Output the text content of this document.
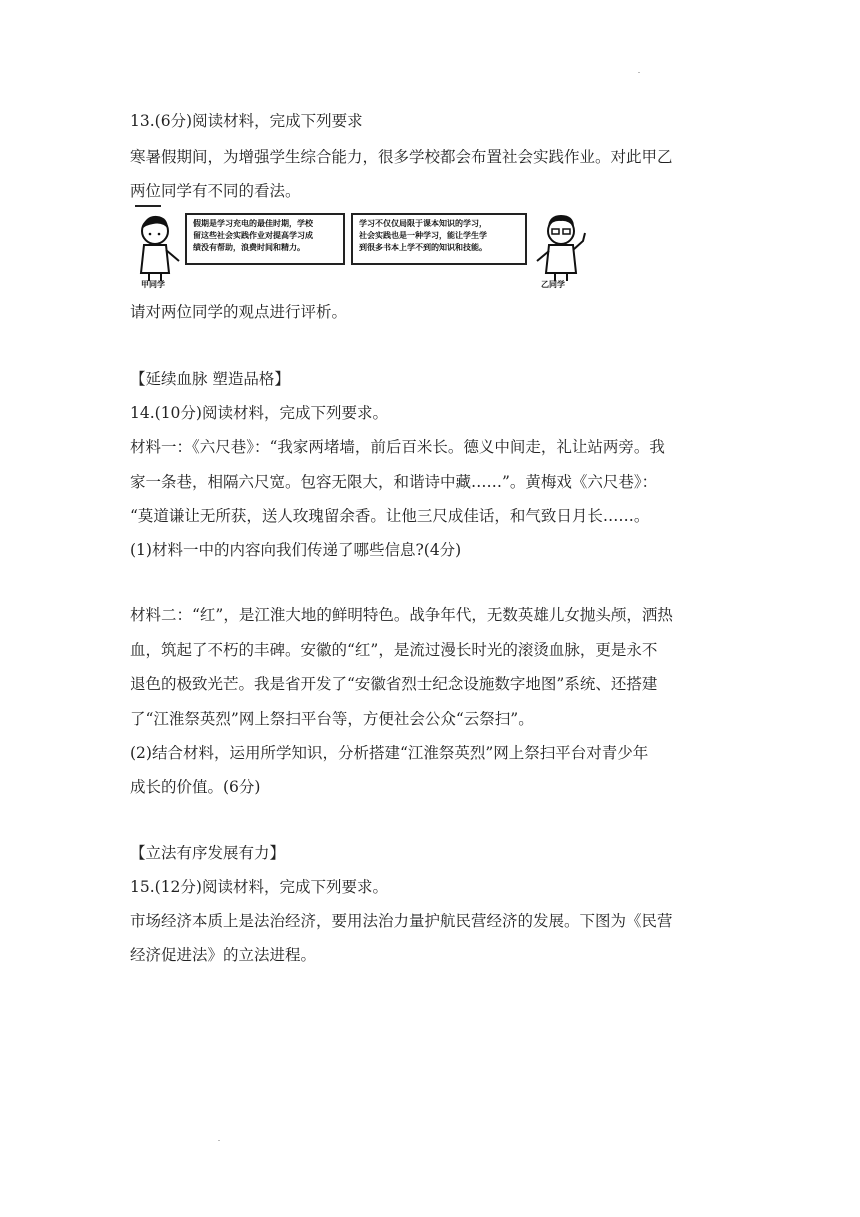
13.(6分)阅读材料，完成下列要求
寒暑假期间，为增强学生综合能力，很多学校都会布置社会实践作业。对此甲乙
两位同学有不同的看法。
甲同学
假期是学习充电的最佳时期，学校
留这些社会实践作业对提高学习成
绩没有帮助，浪费时间和精力。
学习不仅仅局限于课本知识的学习，
社会实践也是一种学习，能让学生学
到很多书本上学不到的知识和技能。
乙同学
请对两位同学的观点进行评析。
【延续血脉 塑造品格】
14.(10分)阅读材料，完成下列要求。
材料一：《六尺巷》：“我家两堵墙，前后百米长。德义中间走，礼让站两旁。我
家一条巷，相隔六尺宽。包容无限大，和谐诗中藏……”。黄梅戏《六尺巷》：
“莫道谦让无所获，送人玫瑰留余香。让他三尺成佳话，和气致日月长……。
(1)材料一中的内容向我们传递了哪些信息?(4分)
材料二：“红”，是江淮大地的鲜明特色。战争年代，无数英雄儿女抛头颅，洒热
血，筑起了不朽的丰碑。安徽的“红”，是流过漫长时光的滚烫血脉，更是永不
退色的极致光芒。我是省开发了“安徽省烈士纪念设施数字地图”系统、还搭建
了“江淮祭英烈”网上祭扫平台等，方便社会公众“云祭扫”。
(2)结合材料，运用所学知识，分析搭建“江淮祭英烈”网上祭扫平台对青少年
成长的价值。(6分)
【立法有序发展有力】
15.(12分)阅读材料，完成下列要求。
市场经济本质上是法治经济，要用法治力量护航民营经济的发展。下图为《民营
经济促进法》的立法进程。
